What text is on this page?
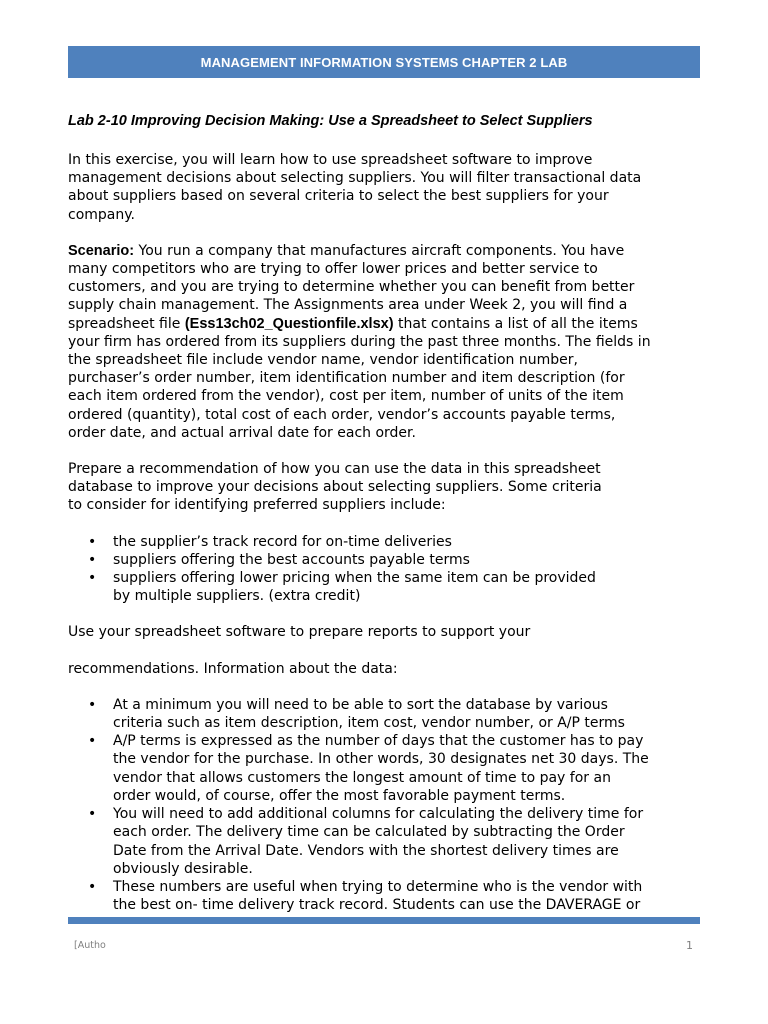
MANAGEMENT INFORMATION SYSTEMS CHAPTER 2 LAB
Lab 2-10 Improving Decision Making: Use a Spreadsheet to Select Suppliers

In this exercise, you will learn how to use spreadsheet software to improve
management decisions about selecting suppliers. You will filter transactional data
about suppliers based on several criteria to select the best suppliers for your
company.

Scenario: You run a company that manufactures aircraft components. You have
many competitors who are trying to offer lower prices and better service to
customers, and you are trying to determine whether you can benefit from better
supply chain management. The Assignments area under Week 2, you will find a
spreadsheet file (Ess13ch02_Questionfile.xlsx) that contains a list of all the items
your firm has ordered from its suppliers during the past three months. The fields in
the spreadsheet file include vendor name, vendor identification number,
purchaser’s order number, item identification number and item description (for
each item ordered from the vendor), cost per item, number of units of the item
ordered (quantity), total cost of each order, vendor’s accounts payable terms,
order date, and actual arrival date for each order.

Prepare a recommendation of how you can use the data in this spreadsheet
database to improve your decisions about selecting suppliers. Some criteria
to consider for identifying preferred suppliers include:

• the supplier’s track record for on-time deliveries
• suppliers offering the best accounts payable terms
• suppliers offering lower pricing when the same item can be provided
by multiple suppliers. (extra credit)

Use your spreadsheet software to prepare reports to support your

recommendations. Information about the data:

• At a minimum you will need to be able to sort the database by various
criteria such as item description, item cost, vendor number, or A/P terms
• A/P terms is expressed as the number of days that the customer has to pay
the vendor for the purchase. In other words, 30 designates net 30 days. The
vendor that allows customers the longest amount of time to pay for an
order would, of course, offer the most favorable payment terms.
• You will need to add additional columns for calculating the delivery time for
each order. The delivery time can be calculated by subtracting the Order
Date from the Arrival Date. Vendors with the shortest delivery times are
obviously desirable.
• These numbers are useful when trying to determine who is the vendor with
the best on- time delivery track record. Students can use the DAVERAGE or
[Autho	1
